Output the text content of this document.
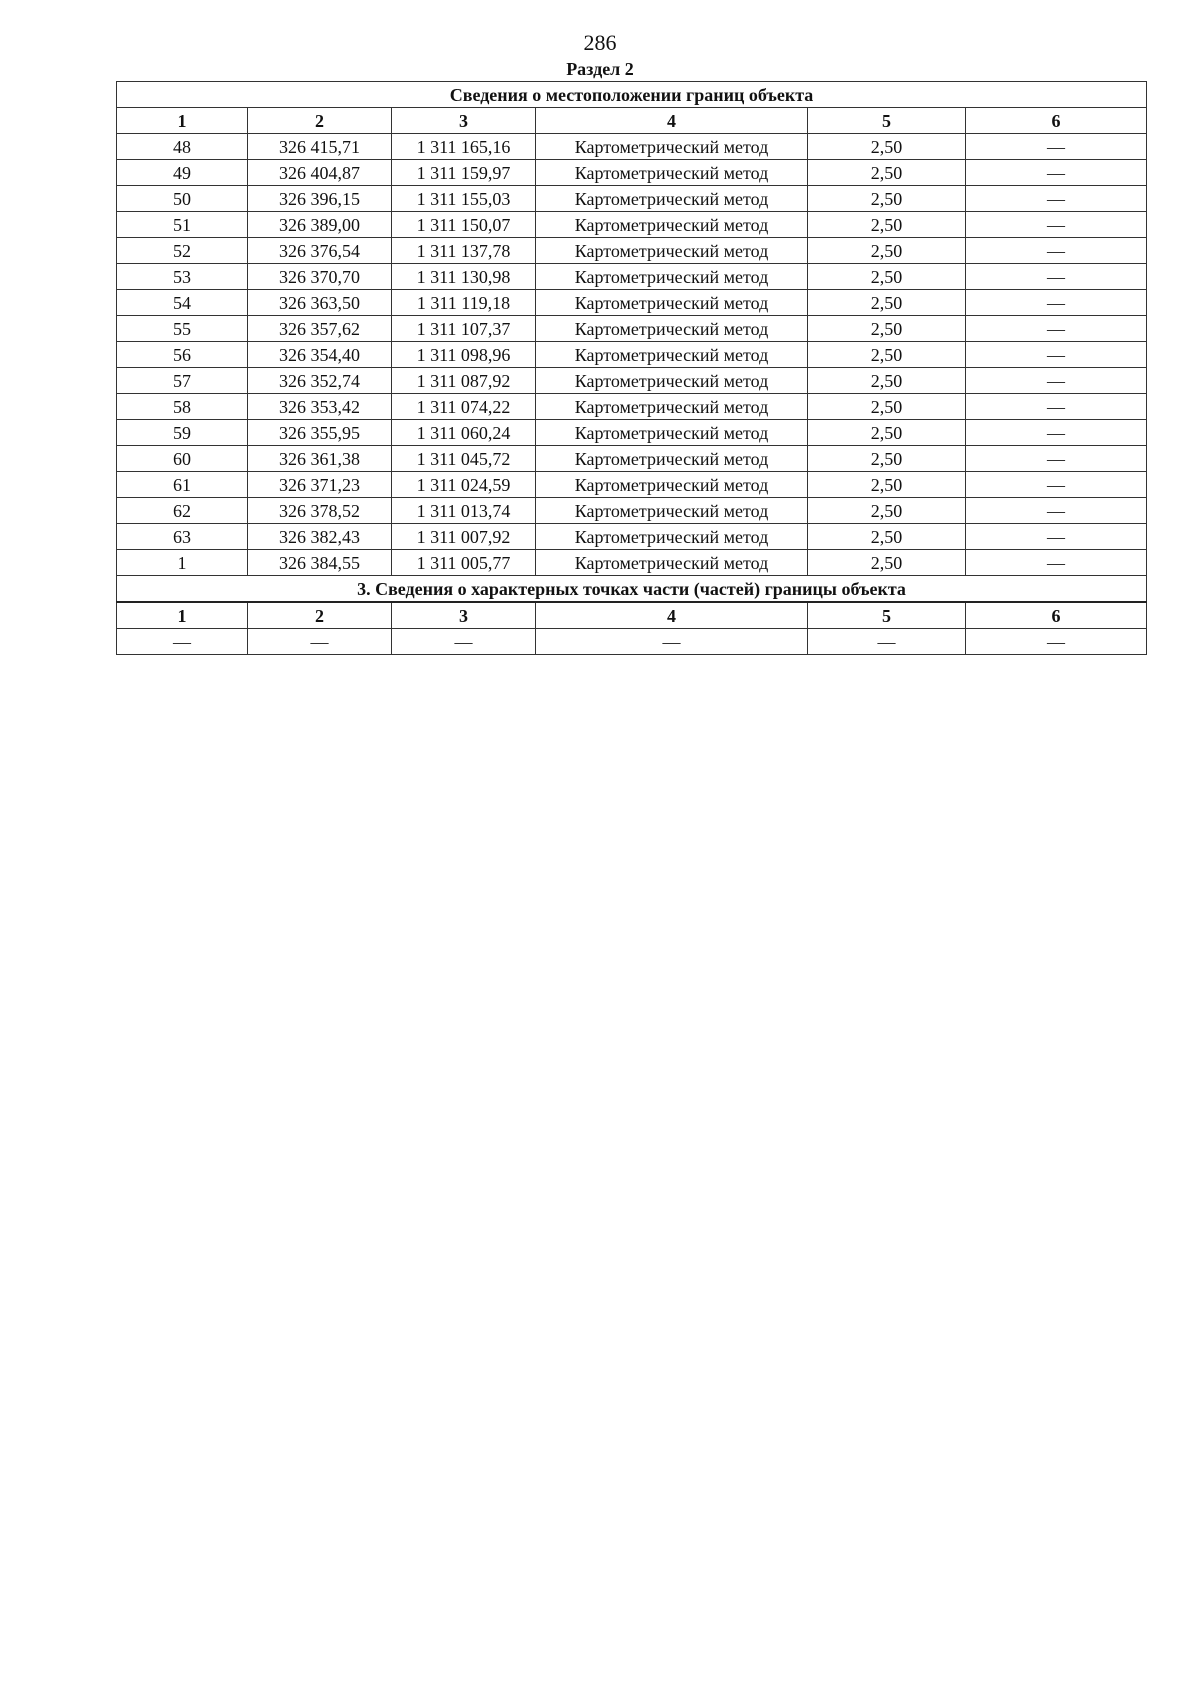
286
Раздел 2
Сведения о местоположении границ объекта					
1	2	3	4	5	6
48	326 415,71	1 311 165,16	Картометрический метод	2,50	—
49	326 404,87	1 311 159,97	Картометрический метод	2,50	—
50	326 396,15	1 311 155,03	Картометрический метод	2,50	—
51	326 389,00	1 311 150,07	Картометрический метод	2,50	—
52	326 376,54	1 311 137,78	Картометрический метод	2,50	—
53	326 370,70	1 311 130,98	Картометрический метод	2,50	—
54	326 363,50	1 311 119,18	Картометрический метод	2,50	—
55	326 357,62	1 311 107,37	Картометрический метод	2,50	—
56	326 354,40	1 311 098,96	Картометрический метод	2,50	—
57	326 352,74	1 311 087,92	Картометрический метод	2,50	—
58	326 353,42	1 311 074,22	Картометрический метод	2,50	—
59	326 355,95	1 311 060,24	Картометрический метод	2,50	—
60	326 361,38	1 311 045,72	Картометрический метод	2,50	—
61	326 371,23	1 311 024,59	Картометрический метод	2,50	—
62	326 378,52	1 311 013,74	Картометрический метод	2,50	—
63	326 382,43	1 311 007,92	Картометрический метод	2,50	—
1	326 384,55	1 311 005,77	Картометрический метод	2,50	—
3. Сведения о характерных точках части (частей) границы объекта					
1	2	3	4	5	6
—	—	—	—	—	—
